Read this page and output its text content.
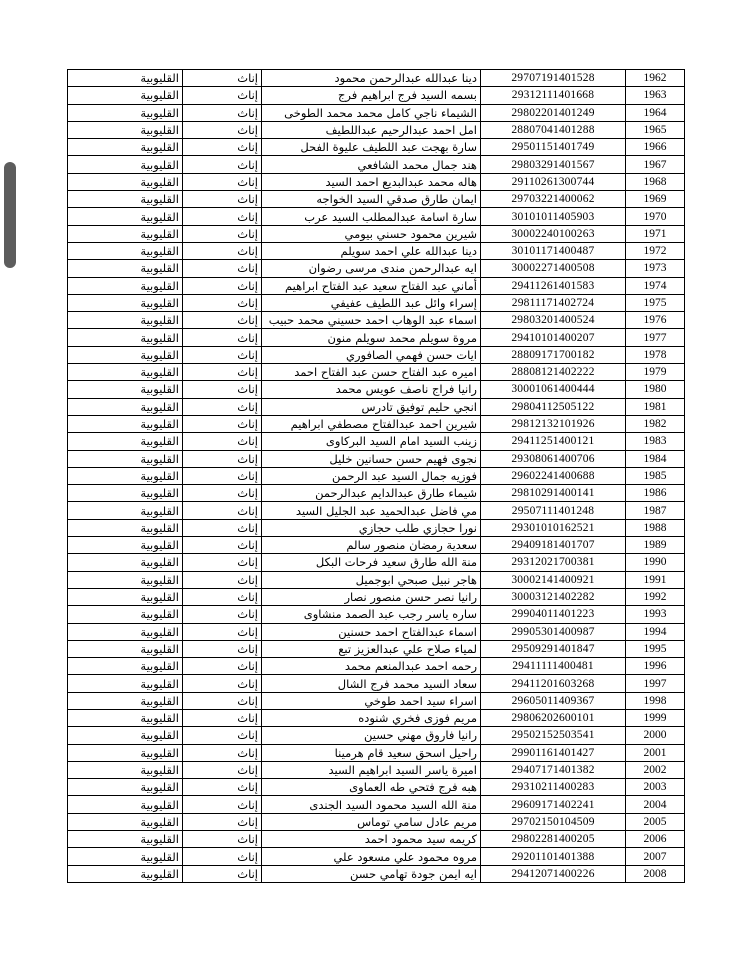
القليوبية	إناث	دينا عبدالله عبدالرحمن محمود	29707191401528	1962
القليوبية	إناث	بسمه السيد فرج ابراهيم فرج	29312111401668	1963
القليوبية	إناث	الشيماء ناجي كامل محمد محمد الطوخى	29802201401249	1964
القليوبية	إناث	امل احمد عبدالرحيم عبداللطيف	28807041401288	1965
القليوبية	إناث	سارة بهجت عبد اللطيف عليوة الفحل	29501151401749	1966
القليوبية	إناث	هند جمال محمد الشافعي	29803291401567	1967
القليوبية	إناث	هاله محمد عبدالبديع احمد السيد	29110261300744	1968
القليوبية	إناث	ايمان طارق صدقي السيد الخواجه	29703221400062	1969
القليوبية	إناث	سارة اسامة عبدالمطلب السيد عرب	30101011405903	1970
القليوبية	إناث	شيرين محمود حسني بيومي	30002240100263	1971
القليوبية	إناث	دينا عبدالله علي احمد سويلم	30101171400487	1972
القليوبية	إناث	ايه عبدالرحمن مندى مرسى رضوان	30002271400508	1973
القليوبية	إناث	أماني عبد الفتاح سعيد عبد الفتاح ابراهيم	29411261401583	1974
القليوبية	إناث	إسراء وائل عبد اللطيف عفيفي	29811171402724	1975
القليوبية	إناث	اسماء عبد الوهاب احمد حسيني محمد حبيب	29803201400524	1976
القليوبية	إناث	مروة سويلم محمد سويلم منون	29410101400207	1977
القليوبية	إناث	ايات حسن فهمي الصافوري	28809171700182	1978
القليوبية	إناث	اميره عبد الفتاح حسن عبد الفتاح احمد	28808121402222	1979
القليوبية	إناث	رانيا فراج ناصف عويس محمد	30001061400444	1980
القليوبية	إناث	انجي حليم توفيق تادرس	29804112505122	1981
القليوبية	إناث	شيرين احمد عبدالفتاح مصطفي ابراهيم	29812132101926	1982
القليوبية	إناث	زينب السيد امام السيد البركاوى	29411251400121	1983
القليوبية	إناث	نجوى فهيم حسن حسانين خليل	29308061400706	1984
القليوبية	إناث	فوزيه جمال السيد عبد الرحمن	29602241400688	1985
القليوبية	إناث	شيماء طارق عبدالدايم عبدالرحمن	29810291400141	1986
القليوبية	إناث	مي فاضل عبدالحميد عبد الجليل السيد	29507111401248	1987
القليوبية	إناث	نورا حجازي طلب حجازي	29301010162521	1988
القليوبية	إناث	سعدية رمضان منصور سالم	29409181401707	1989
القليوبية	إناث	منة الله طارق سعيد فرحات البكل	29312021700381	1990
القليوبية	إناث	هاجر نبيل صبحي ابوجميل	30002141400921	1991
القليوبية	إناث	رانيا نصر حسن منصور نصار	30003121402282	1992
القليوبية	إناث	ساره ياسر رجب عبد الصمد منشاوى	29904011401223	1993
القليوبية	إناث	اسماء عبدالفتاح احمد حسنين	29905301400987	1994
القليوبية	إناث	لمياء صلاح علي عبدالعزيز تبع	29509291401847	1995
القليوبية	إناث	رحمه احمد عبدالمنعم محمد	29411111400481	1996
القليوبية	إناث	سعاد السيد محمد فرج الشال	29411201603268	1997
القليوبية	إناث	اسراء سيد احمد طوخي	29605011409367	1998
القليوبية	إناث	مريم فوزى فخري شنوده	29806202600101	1999
القليوبية	إناث	رانيا فاروق مهني حسين	29502152503541	2000
القليوبية	إناث	راحيل اسحق سعيد قام هرمينا	29901161401427	2001
القليوبية	إناث	اميرة ياسر السيد ابراهيم السيد	29407171401382	2002
القليوبية	إناث	هبه فرج فتحي طه العماوى	29310211400283	2003
القليوبية	إناث	منة الله السيد محمود السيد الجندى	29609171402241	2004
القليوبية	إناث	مريم عادل سامي توماس	29702150104509	2005
القليوبية	إناث	كريمه سيد محمود احمد	29802281400205	2006
القليوبية	إناث	مروه محمود علي مسعود علي	29201101401388	2007
القليوبية	إناث	ايه ايمن جودة تهامي حسن	29412071400226	2008
